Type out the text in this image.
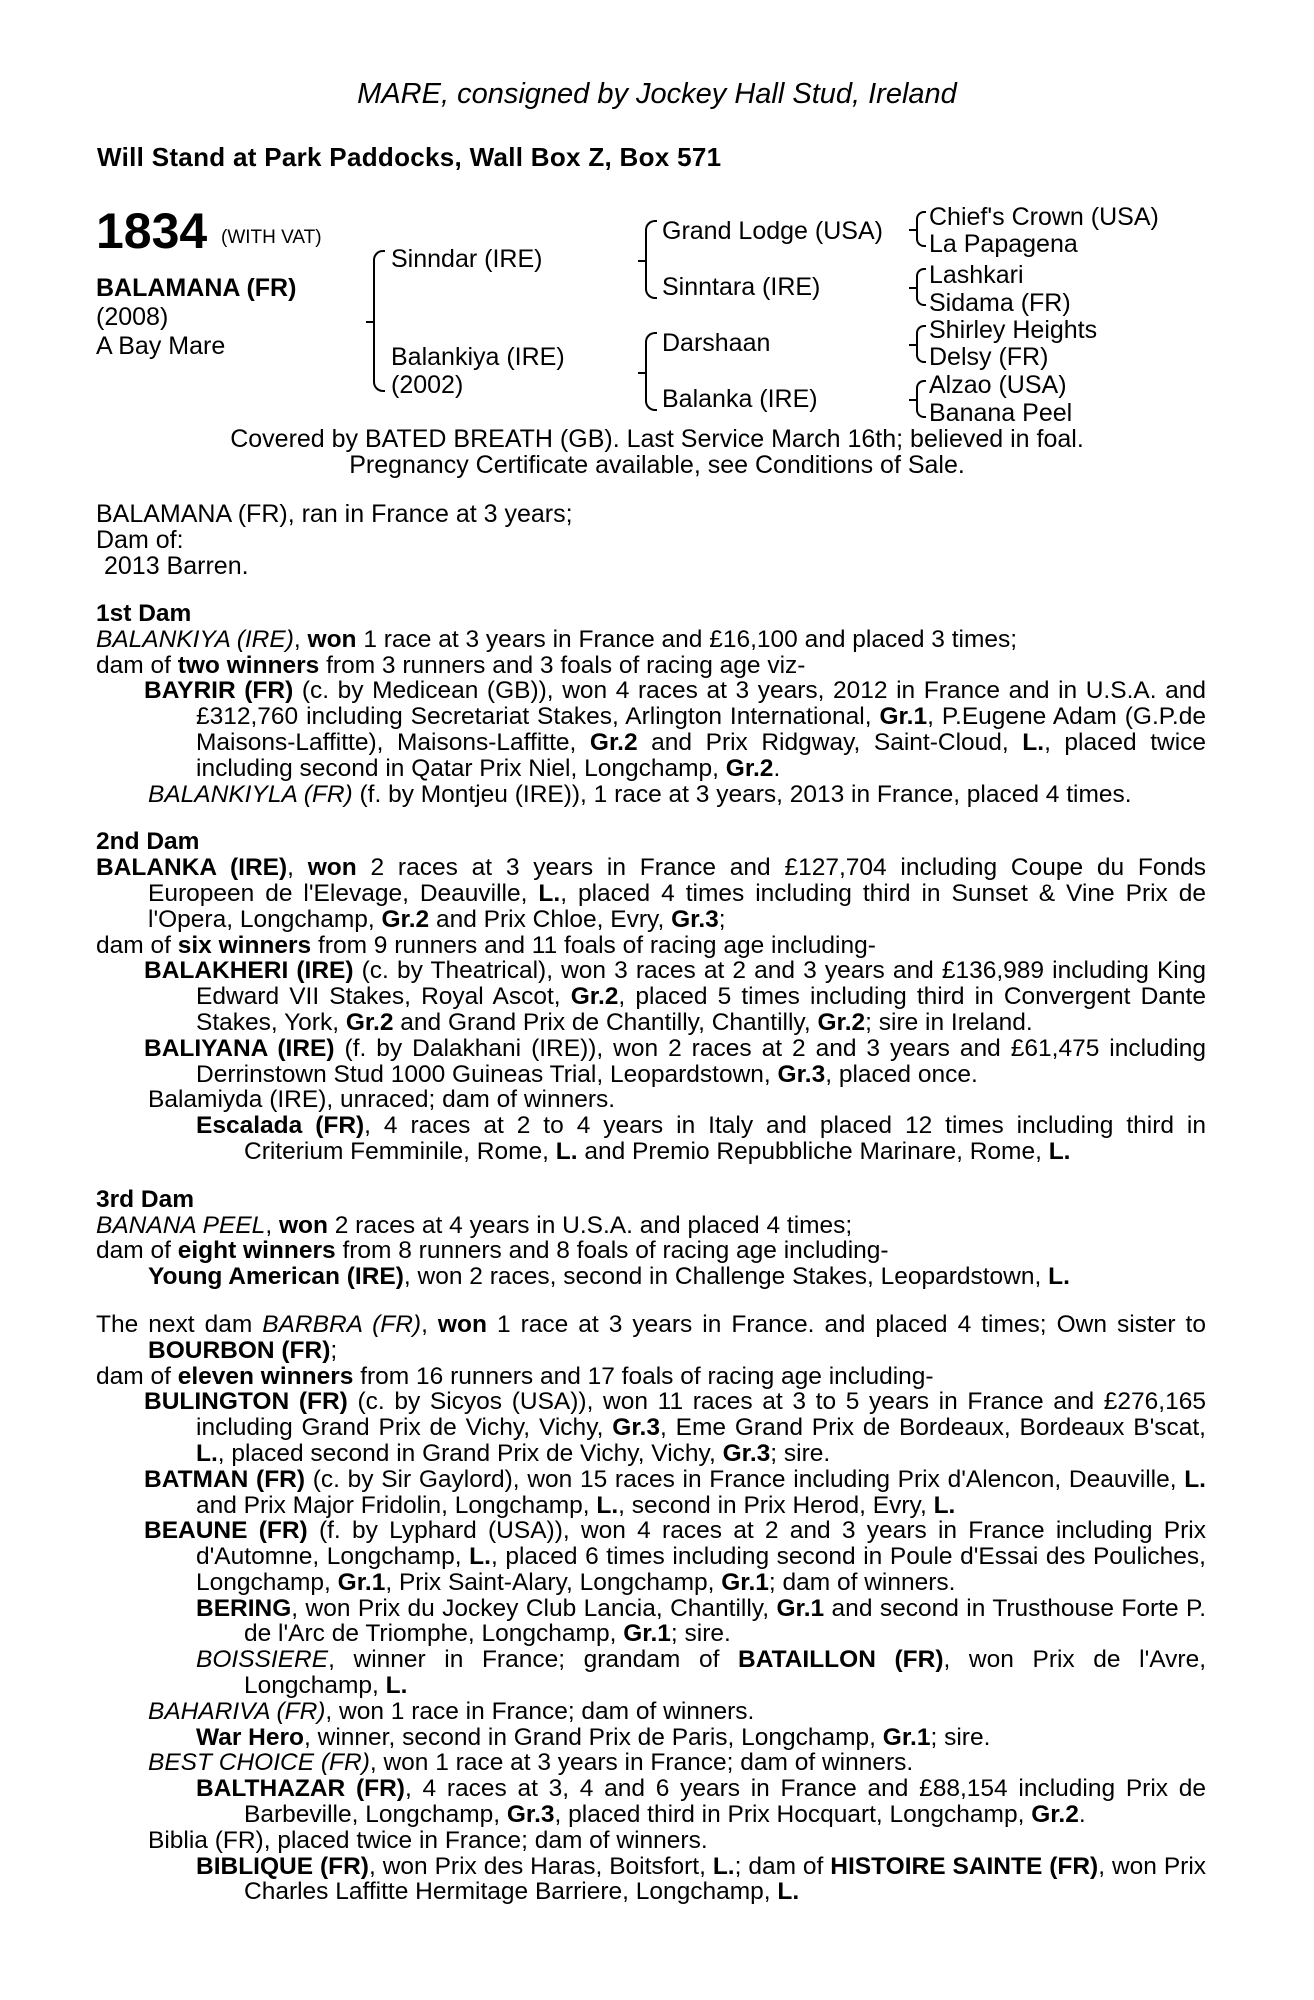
MARE, consigned by Jockey Hall Stud, Ireland
Will Stand at Park Paddocks, Wall Box Z, Box 571
1834 (WITH VAT)
BALAMANA (FR)
(2008)
A Bay Mare
Sinndar (IRE)
Balankiya (IRE)
(2002)
Grand Lodge (USA)
Sinntara (IRE)
Darshaan
Balanka (IRE)
Chief's Crown (USA)
La Papagena
Lashkari
Sidama (FR)
Shirley Heights
Delsy (FR)
Alzao (USA)
Banana Peel
Covered by BATED BREATH (GB). Last Service March 16th; believed in foal.
Pregnancy Certificate available, see Conditions of Sale.
BALAMANA (FR), ran in France at 3 years;
Dam of:
2013 Barren.

1st Dam

BALANKIYA (IRE), won 1 race at 3 years in France and £16,100 and placed 3 times;

dam of two winners from 3 runners and 3 foals of racing age viz-

BAYRIR (FR) (c. by Medicean (GB)), won 4 races at 3 years, 2012 in France and in U.S.A. and £312,760 including Secretariat Stakes, Arlington International, Gr.1, P.Eugene Adam (G.P.de Maisons-Laffitte), Maisons-Laffitte, Gr.2 and Prix Ridgway, Saint-Cloud, L., placed twice including second in Qatar Prix Niel, Longchamp, Gr.2.

BALANKIYLA (FR) (f. by Montjeu (IRE)), 1 race at 3 years, 2013 in France, placed 4 times.

2nd Dam

BALANKA (IRE), won 2 races at 3 years in France and £127,704 including Coupe du Fonds Europeen de l'Elevage, Deauville, L., placed 4 times including third in Sunset & Vine Prix de l'Opera, Longchamp, Gr.2 and Prix Chloe, Evry, Gr.3;

dam of six winners from 9 runners and 11 foals of racing age including-

BALAKHERI (IRE) (c. by Theatrical), won 3 races at 2 and 3 years and £136,989 including King Edward VII Stakes, Royal Ascot, Gr.2, placed 5 times including third in Convergent Dante Stakes, York, Gr.2 and Grand Prix de Chantilly, Chantilly, Gr.2; sire in Ireland.

BALIYANA (IRE) (f. by Dalakhani (IRE)), won 2 races at 2 and 3 years and £61,475 including Derrinstown Stud 1000 Guineas Trial, Leopardstown, Gr.3, placed once.

Balamiyda (IRE), unraced; dam of winners.

Escalada (FR), 4 races at 2 to 4 years in Italy and placed 12 times including third in Criterium Femminile, Rome, L. and Premio Repubbliche Marinare, Rome, L.

3rd Dam

BANANA PEEL, won 2 races at 4 years in U.S.A. and placed 4 times;

dam of eight winners from 8 runners and 8 foals of racing age including-

Young American (IRE), won 2 races, second in Challenge Stakes, Leopardstown, L.

The next dam BARBRA (FR), won 1 race at 3 years in France. and placed 4 times; Own sister to BOURBON (FR);

dam of eleven winners from 16 runners and 17 foals of racing age including-

BULINGTON (FR) (c. by Sicyos (USA)), won 11 races at 3 to 5 years in France and £276,165 including Grand Prix de Vichy, Vichy, Gr.3, Eme Grand Prix de Bordeaux, Bordeaux B'scat, L., placed second in Grand Prix de Vichy, Vichy, Gr.3; sire.

BATMAN (FR) (c. by Sir Gaylord), won 15 races in France including Prix d'Alencon, Deauville, L. and Prix Major Fridolin, Longchamp, L., second in Prix Herod, Evry, L.

BEAUNE (FR) (f. by Lyphard (USA)), won 4 races at 2 and 3 years in France including Prix d'Automne, Longchamp, L., placed 6 times including second in Poule d'Essai des Pouliches, Longchamp, Gr.1, Prix Saint-Alary, Longchamp, Gr.1; dam of winners.

BERING, won Prix du Jockey Club Lancia, Chantilly, Gr.1 and second in Trusthouse Forte P. de l'Arc de Triomphe, Longchamp, Gr.1; sire.

BOISSIERE, winner in France; grandam of BATAILLON (FR), won Prix de l'Avre, Longchamp, L.

BAHARIVA (FR), won 1 race in France; dam of winners.

War Hero, winner, second in Grand Prix de Paris, Longchamp, Gr.1; sire.

BEST CHOICE (FR), won 1 race at 3 years in France; dam of winners.

BALTHAZAR (FR), 4 races at 3, 4 and 6 years in France and £88,154 including Prix de Barbeville, Longchamp, Gr.3, placed third in Prix Hocquart, Longchamp, Gr.2.

Biblia (FR), placed twice in France; dam of winners.

BIBLIQUE (FR), won Prix des Haras, Boitsfort, L.; dam of HISTOIRE SAINTE (FR), won Prix Charles Laffitte Hermitage Barriere, Longchamp, L.
